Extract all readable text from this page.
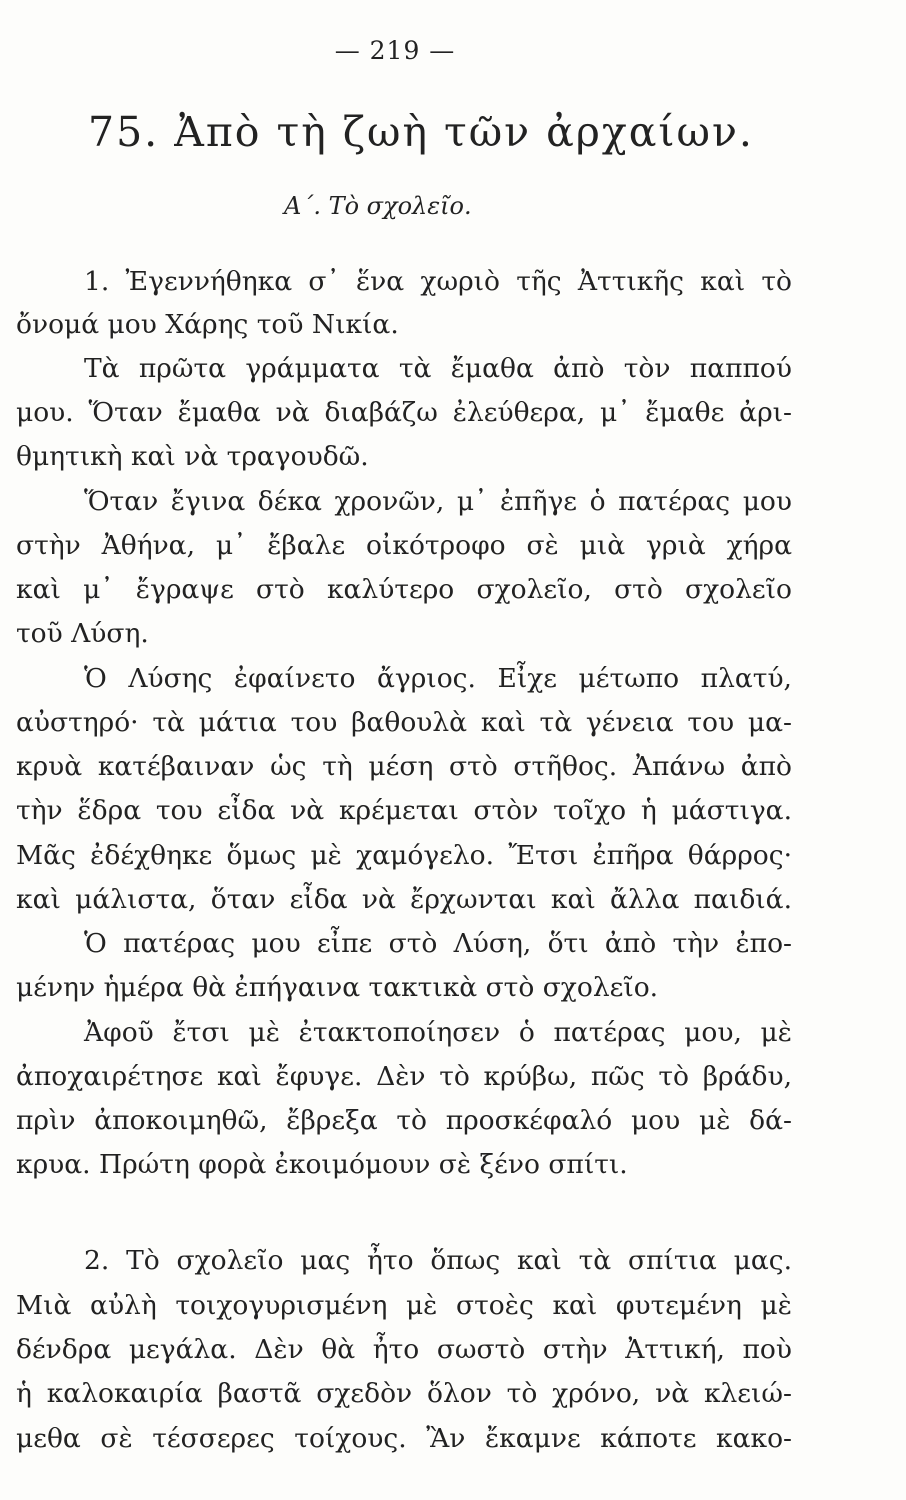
— 219 —
75. Ἀπὸ τὴ ζωὴ τῶν ἀρχαίων.
Α΄. Τὸ σχολεῖο.
1. Ἐγεννήθηκα σ᾿ ἕνα χωριὸ τῆς Ἀττικῆς καὶ τὸ
ὄνομά μου Χάρης τοῦ Νικία.
Τὰ πρῶτα γράμματα τὰ ἔμαθα ἀπὸ τὸν παππού
μου. Ὅταν ἔμαθα νὰ διαβάζω ἐλεύθερα, μ᾿ ἔμαθε ἀρι-
θμητικὴ καὶ νὰ τραγουδῶ.
Ὅταν ἔγινα δέκα χρονῶν, μ᾿ ἐπῆγε ὁ πατέρας μου
στὴν Ἀθήνα, μ᾿ ἔβαλε οἰκότροφο σὲ μιὰ γριὰ χήρα
καὶ μ᾿ ἔγραψε στὸ καλύτερο σχολεῖο, στὸ σχολεῖο
τοῦ Λύση.
Ὁ Λύσης ἐφαίνετο ἄγριος. Εἶχε μέτωπο πλατύ,
αὐστηρό· τὰ μάτια του βαθουλὰ καὶ τὰ γένεια του μα-
κρυὰ κατέβαιναν ὡς τὴ μέση στὸ στῆθος. Ἀπάνω ἀπὸ
τὴν ἕδρα του εἶδα νὰ κρέμεται στὸν τοῖχο ἡ μάστιγα.
Μᾶς ἐδέχθηκε ὅμως μὲ χαμόγελο. Ἔτσι ἐπῆρα θάρρος·
καὶ μάλιστα, ὅταν εἶδα νὰ ἔρχωνται καὶ ἄλλα παιδιά.
Ὁ πατέρας μου εἶπε στὸ Λύση, ὅτι ἀπὸ τὴν ἐπο-
μένην ἡμέρα θὰ ἐπήγαινα τακτικὰ στὸ σχολεῖο.
Ἀφοῦ ἔτσι μὲ ἐτακτοποίησεν ὁ πατέρας μου, μὲ
ἀποχαιρέτησε καὶ ἔφυγε. Δὲν τὸ κρύβω, πῶς τὸ βράδυ,
πρὶν ἀποκοιμηθῶ, ἔβρεξα τὸ προσκέφαλό μου μὲ δά-
κρυα. Πρώτη φορὰ ἐκοιμόμουν σὲ ξένο σπίτι.
2. Τὸ σχολεῖο μας ἦτο ὅπως καὶ τὰ σπίτια μας.
Μιὰ αὐλὴ τοιχογυρισμένη μὲ στοὲς καὶ φυτεμένη μὲ
δένδρα μεγάλα. Δὲν θὰ ἦτο σωστὸ στὴν Ἀττική, ποὺ
ἡ καλοκαιρία βαστᾶ σχεδὸν ὅλον τὸ χρόνο, νὰ κλειώ-
μεθα σὲ τέσσερες τοίχους. Ἂν ἔκαμνε κάποτε κακο-
